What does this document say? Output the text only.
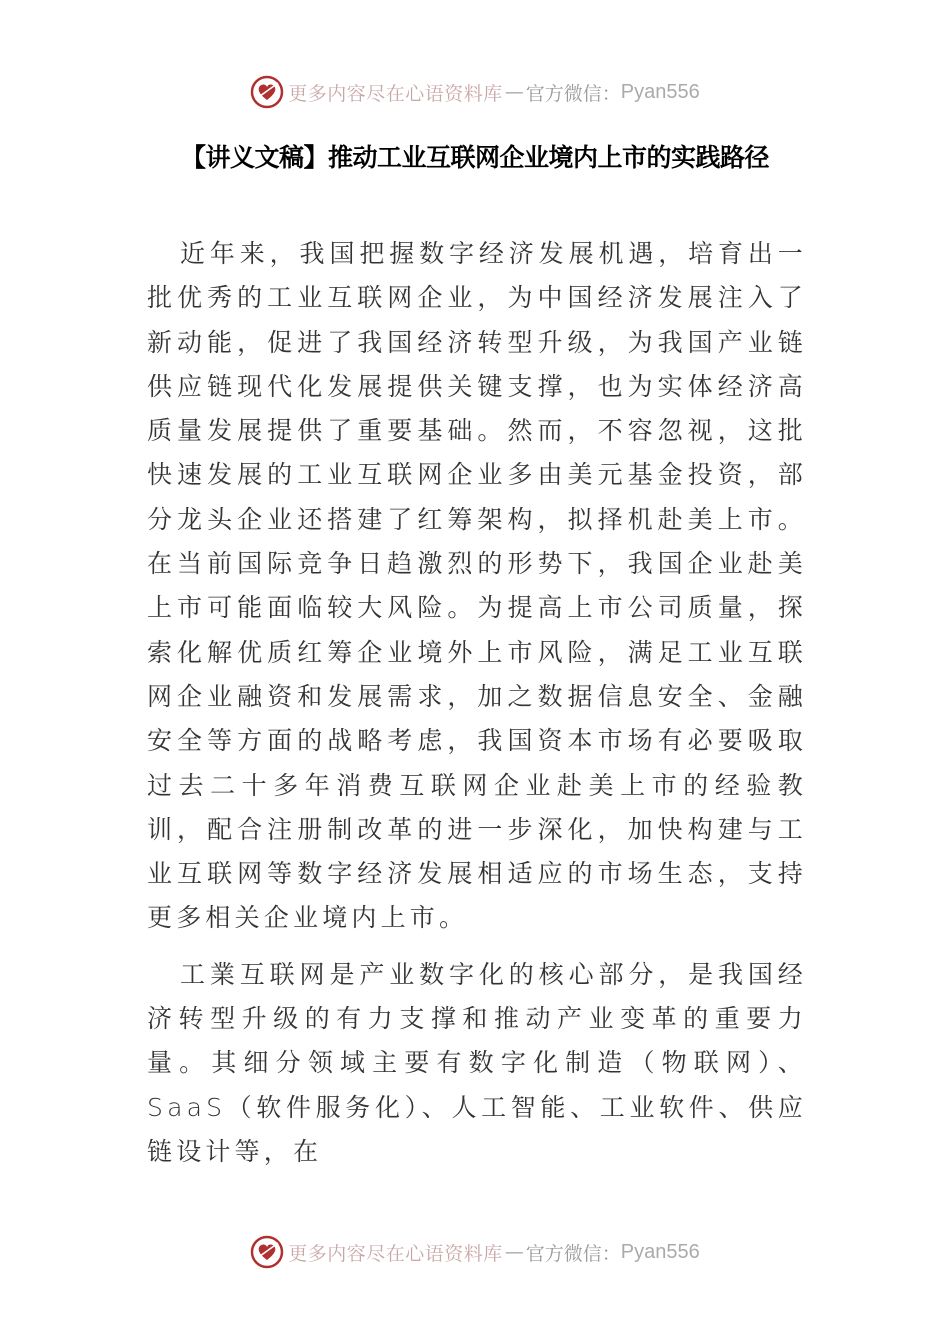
更多内容尽在心语资料库 — 官方微信： Pyan556
【讲义文稿】推动工业互联网企业境内上市的实践路径

近年来，我国把握数字经济发展机遇，培育出一批优秀的工业互联网企业，为中国经济发展注入了新动能，促进了我国经济转型升级，为我国产业链供应链现代化发展提供关键支撑，也为实体经济高质量发展提供了重要基础。然而，不容忽视，这批快速发展的工业互联网企业多由美元基金投资，部分龙头企业还搭建了红筹架构，拟择机赴美上市。在当前国际竞争日趋激烈的形势下，我国企业赴美上市可能面临较大风险。为提高上市公司质量，探索化解优质红筹企业境外上市风险，满足工业互联网企业融资和发展需求，加之数据信息安全、金融安全等方面的战略考虑，我国资本市场有必要吸取过去二十多年消费互联网企业赴美上市的经验教训，配合注册制改革的进一步深化，加快构建与工业互联网等数字经济发展相适应的市场生态，支持更多相关企业境内上市。

工業互联网是产业数字化的核心部分，是我国经济转型升级的有力支撑和推动产业变革的重要力量。其细分领域主要有数字化制造（物联网）、SaaS（软件服务化）、人工智能、工业软件、供应链设计等，在

更多内容尽在心语资料库 — 官方微信： Pyan556
